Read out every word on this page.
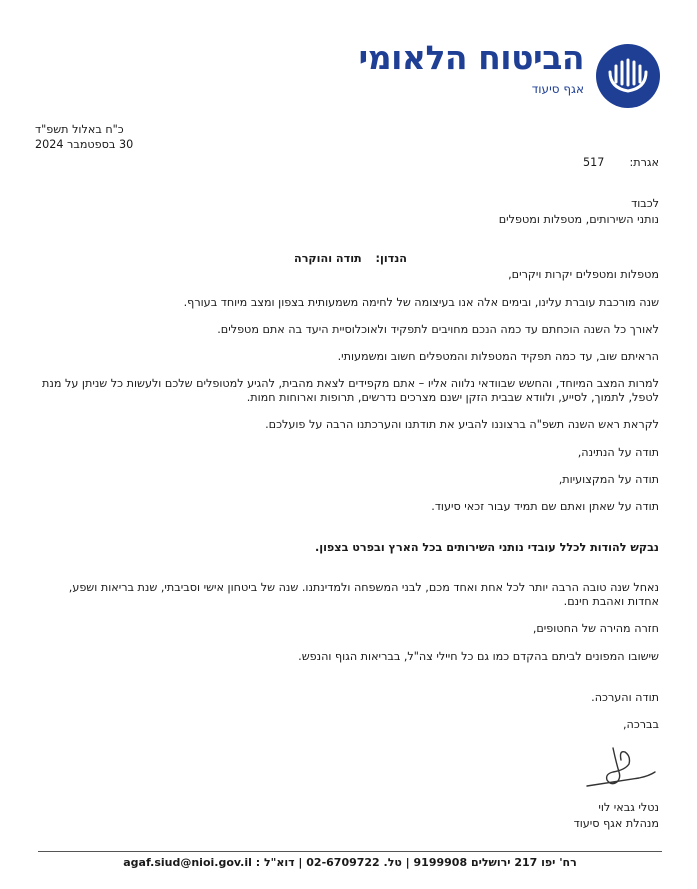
הביטוח הלאומי
אגף סיעוד
כ"ח באלול תשפ"ד
30 בספטמבר 2024
אגרת:  517
לכבוד
נותני השירותים, מטפלות ומטפלים
הנדון:  תודה והוקרה
מטפלות ומטפלים יקרות ויקרים,
שנה מורכבת עוברת עלינו, ובימים אלה אנו בעיצומה של לחימה משמעותית בצפון ומצב מיוחד בעורף.
לאורך כל השנה הוכחתם עד כמה הנכם מחויבים לתפקיד ולאוכלוסיית היעד בה אתם מטפלים.
הראיתם שוב, עד כמה תפקיד המטפלות והמטפלים חשוב ומשמעותי.
למרות המצב המיוחד, והחשש שבוודאי נלווה אליו – אתם מקפידים לצאת מהבית, להגיע למטופלים שלכם ולעשות כל שניתן על מנת לטפל, לתמוך, לסייע, ולוודא שבבית הזקן ישנם מצרכים נדרשים, תרופות וארוחות חמות.
לקראת ראש השנה תשפ"ה ברצוננו להביע את תודתנו והערכתנו הרבה על פועלכם.
תודה על הנתינה,
תודה על המקצועיות,
תודה על שאתן ואתם שם תמיד עבור זכאי סיעוד.
נבקש להודות לכלל עובדי נותני השירותים בכל הארץ ובפרט בצפון.
נאחל שנה טובה הרבה יותר לכל אחת ואחד מכם, לבני המשפחה ולמדינתנו. שנה של ביטחון אישי וסביבתי, שנת בריאות ושפע, אחדות ואהבת חינם.
חזרה מהירה של החטופים,
שישובו המפונים לביתם בהקדם כמו גם כל חיילי צה"ל, בבריאות הגוף והנפש.
תודה והערכה.
בברכה,
נטלי גבאי לוי
מנהלת אגף סיעוד
רח' יפו 217 ירושלים 9199908 | טל. 02-6709722 | דוא"ל : agaf.siud@nioi.gov.il
